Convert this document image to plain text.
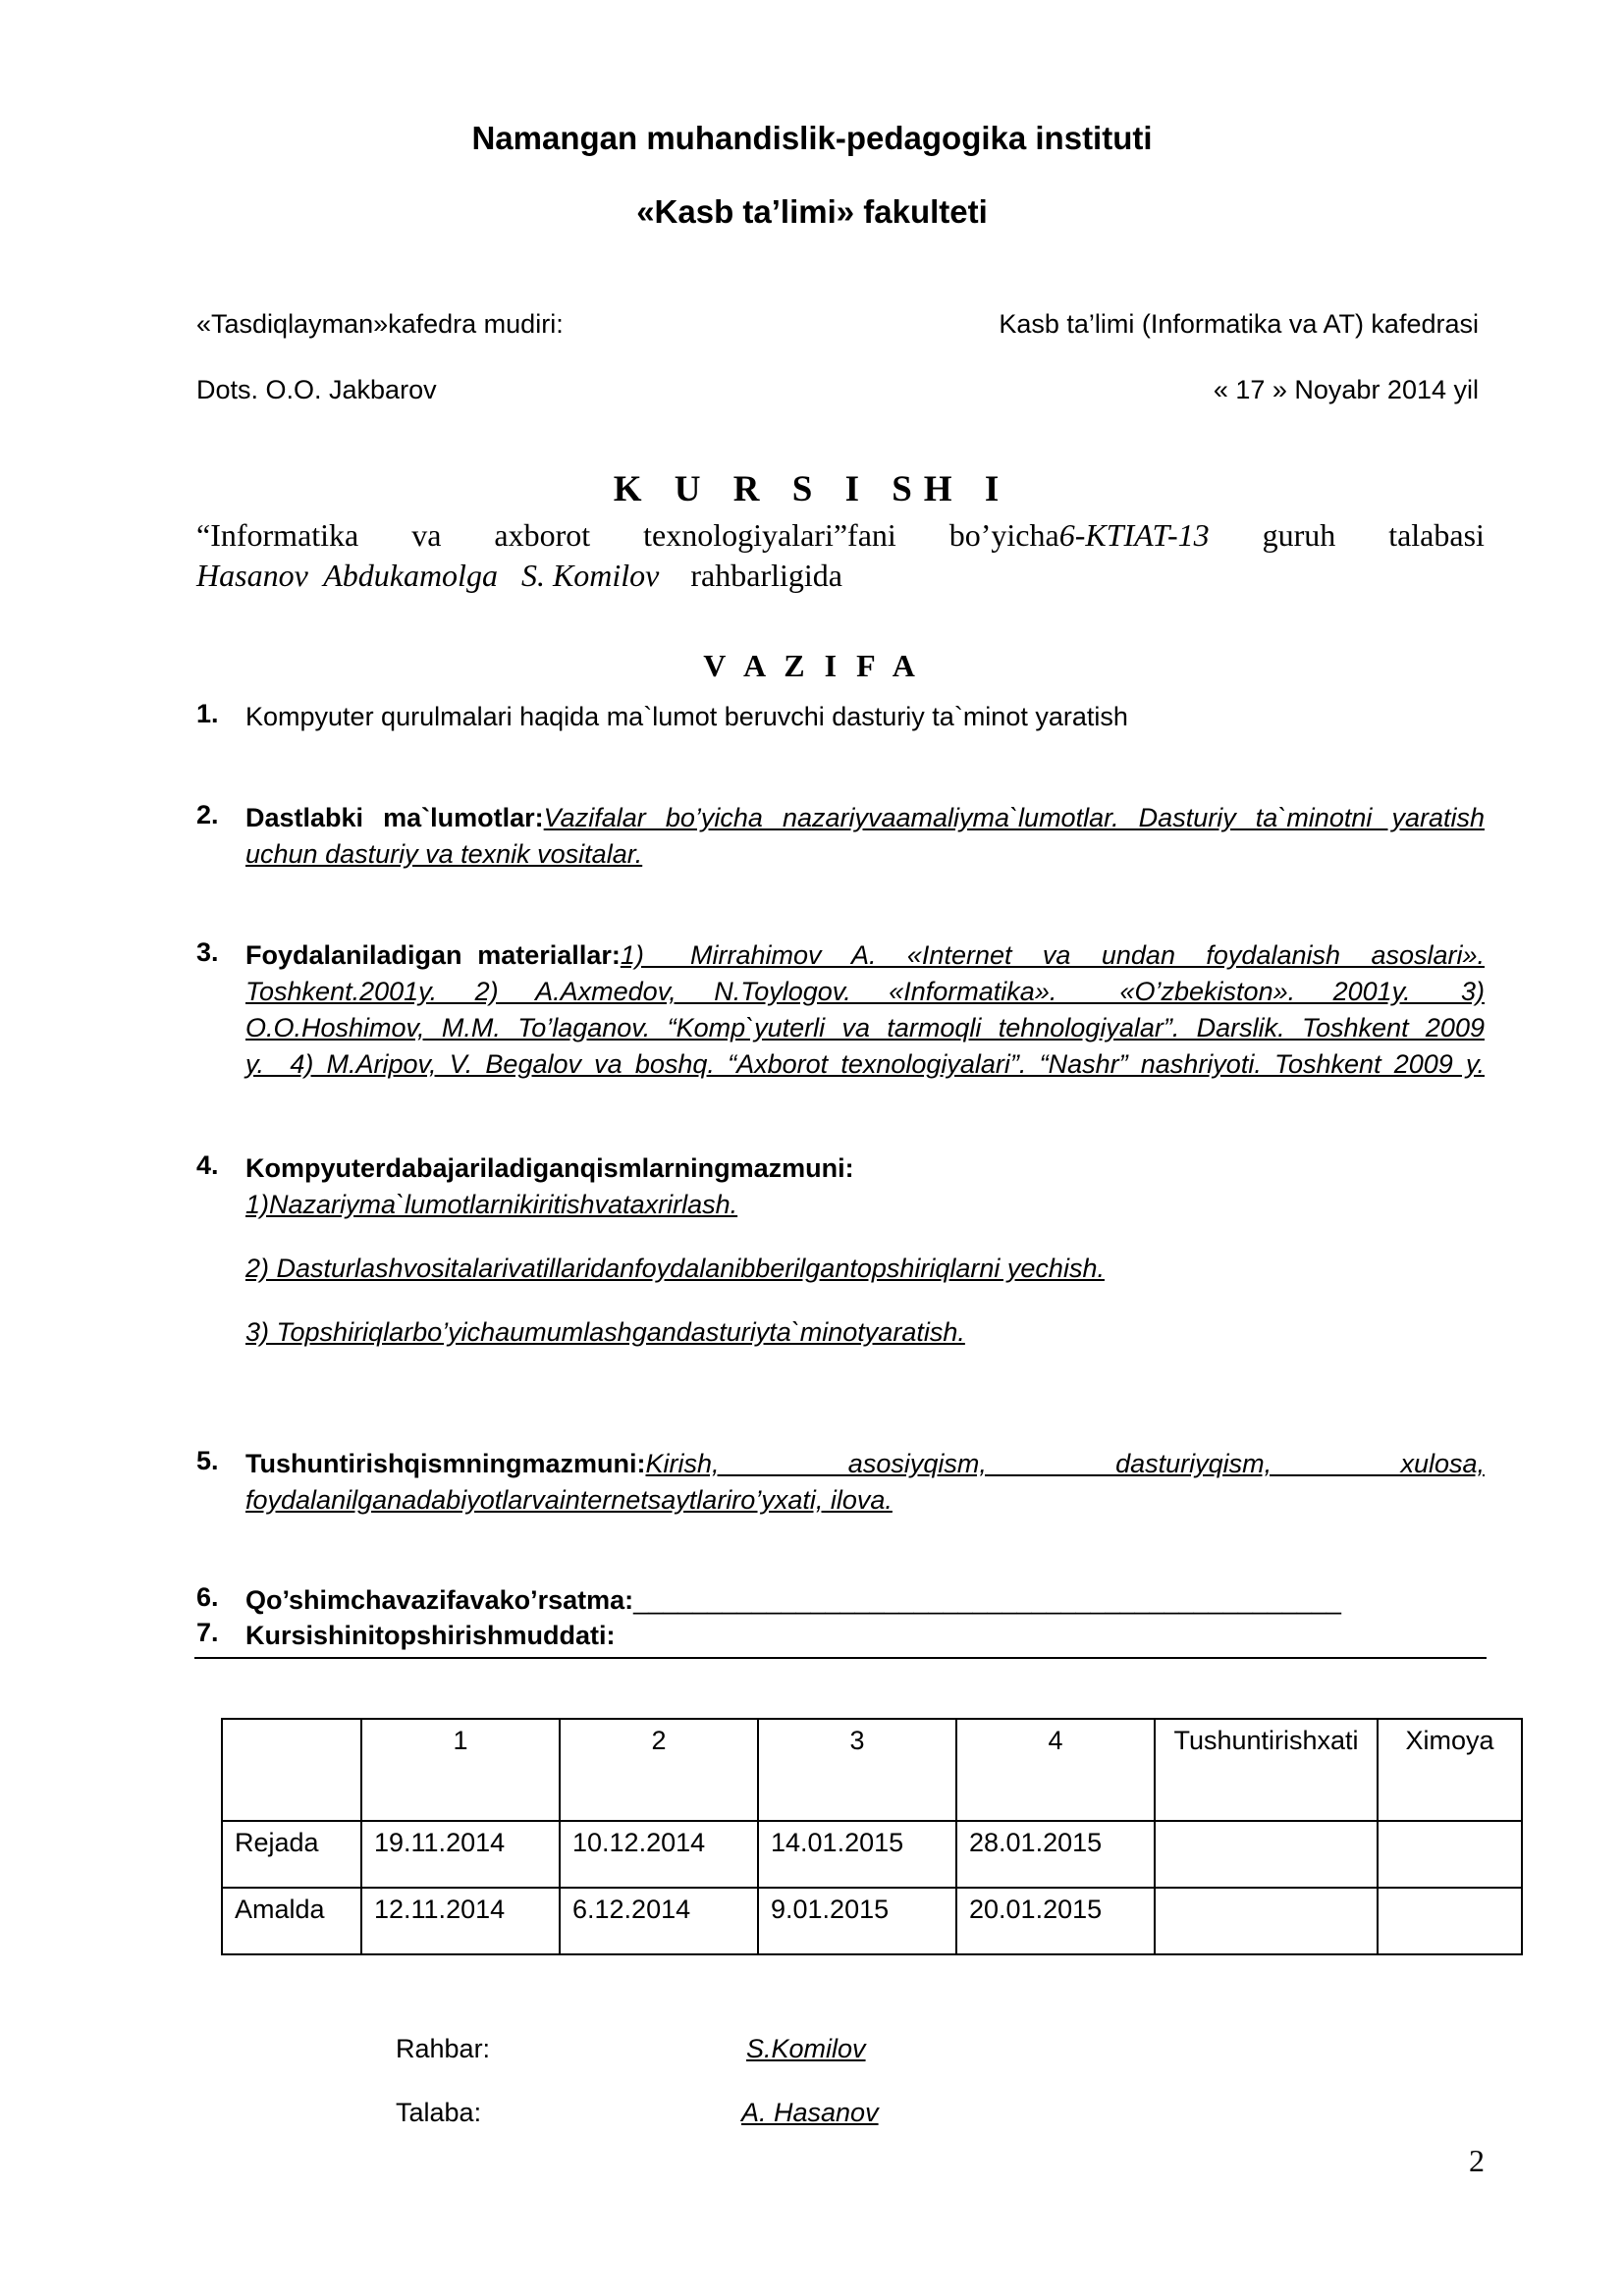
Namangan muhandislik-pedagogika instituti
«Kasb ta’limi» fakulteti
«Tasdiqlayman»kafedra mudiri:
Dots. O.O. Jakbarov
Kasb ta’limi (Informatika va AT) kafedrasi
« 17 » Noyabr 2014 yil
K U R S I SH I
“Informatika va axborot texnologiyalari”fani bo’yicha6-KTIAT-13 guruh talabasi
Hasanov  Abdukamolga S. Komilov rahbarligida
V A Z I F A
1. Kompyuter qurulmalari haqida ma`lumot beruvchi dasturiy ta`minot yaratish
2. Dastlabki ma`lumotlar:Vazifalar bo’yicha nazariyvaamaliyma`lumotlar. Dasturiy ta`minotni yaratish
uchun dasturiy va texnik vositalar.
3. Foydalaniladigan materiallar:1)   Mirrahimov  A.  «Internet  va  undan  foydalanish  asoslari».
Toshkent.2001y.   2)   A.Axmedov,   N.Toylogov.   «Informatika».     «O’zbekiston».   2001y.    3)
O.O.Hoshimov, M.M. To’laganov. “Komp`yuterli va tarmoqli tehnologiyalar”. Darslik. Toshkent 2009
y.  4) M.Aripov, V. Begalov va boshq. “Axborot texnologiyalari”. “Nashr” nashriyoti. Toshkent 2009 y.
4. Kompyuterdabajariladiganqismlarningmazmuni:
1)Nazariyma`lumotlarnikiritishvataxrirlash.
2) Dasturlashvositalarivatillaridanfoydalanibberilgantopshiriqlarni yechish.
3) Topshiriqlarbo’yichaumumlashgandasturiyta`minotyaratish.
5. Tushuntirishqismningmazmuni:Kirish,            asosiyqism,            dasturiyqism,            xulosa,
foydalanilganadabiyotlarvainternetsaytlariro’yxati, ilova.
6. Qo’shimchavazifavako’rsatma:________________________________________________
7. Kursishinitopshirishmuddati:
	1	2	3	4	Tushuntirishxati	Ximoya
Rejada	19.11.2014	10.12.2014	14.01.2015	28.01.2015		
Amalda	12.11.2014	6.12.2014	9.01.2015	20.01.2015		
Rahbar:	S.Komilov
Talaba:	A. Hasanov
2
